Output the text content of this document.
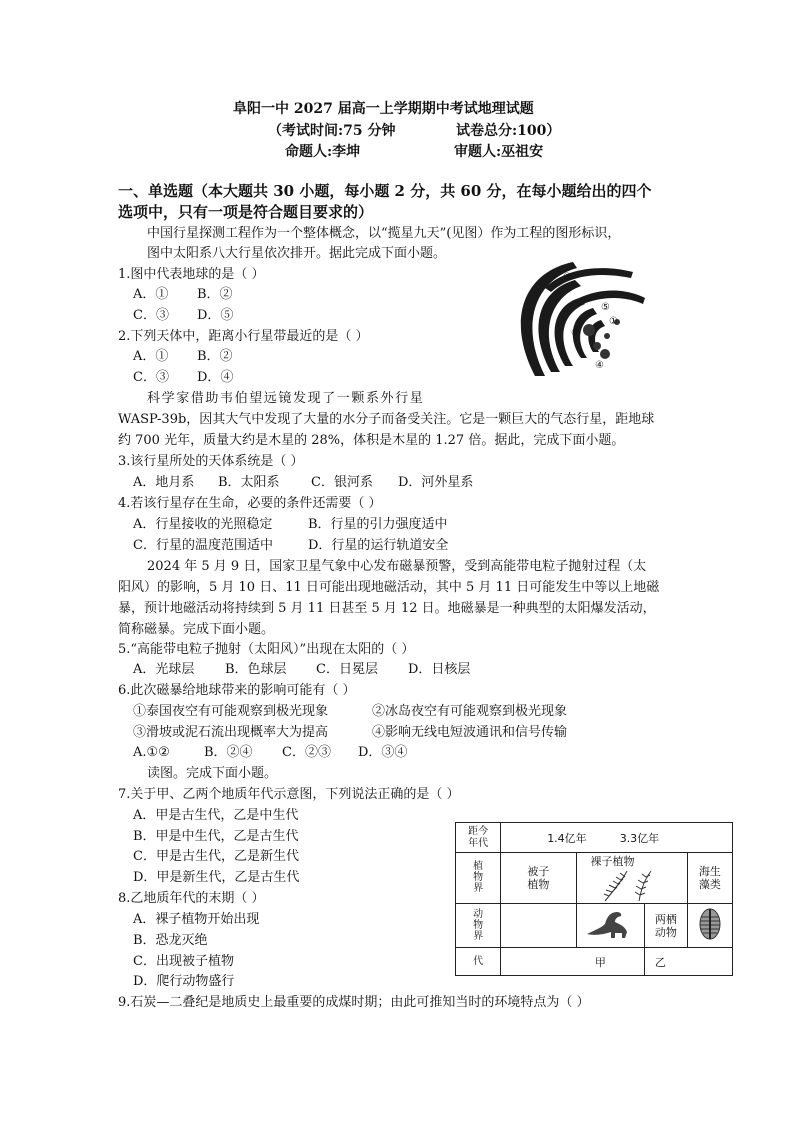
阜阳一中 2027 届高一上学期期中考试地理试题
（考试时间:75 分钟	试卷总分:100）
命题人:李坤	审题人:巫祖安
一、单选题（本大题共 30 小题，每小题 2 分，共 60 分，在每小题给出的四个
选项中，只有一项是符合题目要求的）
中国行星探测工程作为一个整体概念，以“揽星九天”(见图）作为工程的图形标识，
图中太阳系八大行星依次排开。据此完成下面小题。
1.图中代表地球的是（ ）
A．① B．②
C．③ D．⑤
2.下列天体中，距离小行星带最近的是（ ）
A．① B．②
C．③ D．④
③
⑤
②
①
④
科学家借助韦伯望远镜发现了一颗系外行星
WASP-39b，因其大气中发现了大量的水分子而备受关注。它是一颗巨大的气态行星，距地球
约 700 光年，质量大约是木星的 28%，体积是木星的 1.27 倍。据此，完成下面小题。
3.该行星所处的天体系统是（ ）
A．地月系 B．太阳系 C．银河系 D．河外星系
4.若该行星存在生命，必要的条件还需要（ ）
A．行星接收的光照稳定	B．行星的引力强度适中
C．行星的温度范围适中	D．行星的运行轨道安全
2024 年 5 月 9 日，国家卫星气象中心发布磁暴预警，受到高能带电粒子抛射过程（太
阳风）的影响，5 月 10 日、11 日可能出现地磁活动，其中 5 月 11 日可能发生中等以上地磁
暴，预计地磁活动将持续到 5 月 11 日甚至 5 月 12 日。地磁暴是一种典型的太阳爆发活动，
简称磁暴。完成下面小题。
5.“高能带电粒子抛射（太阳风）”出现在太阳的（ ）
A．光球层 B．色球层 C．日冕层 D．日核层
6.此次磁暴给地球带来的影响可能有（ ）
①泰国夜空有可能观察到极光现象	②冰岛夜空有可能观察到极光现象
③滑坡或泥石流出现概率大为提高	④影响无线电短波通讯和信号传输
A.①②	B．②④ C．②③ D．③④
读图。完成下面小题。
7.关于甲、乙两个地质年代示意图，下列说法正确的是（ ）
A．甲是古生代，乙是中生代
B．甲是中生代，乙是古生代
C．甲是古生代，乙是新生代
D．甲是新生代，乙是古生代
8.乙地质年代的末期（ ）
A．裸子植物开始出现
B．恐龙灭绝
C．出现被子植物
D．爬行动物盛行
9.石炭—二叠纪是地质史上最重要的成煤时期；由此可推知当时的环境特点为（ ）
距今年代	1.4亿年 3.3亿年			
植物界	被子植物	裸子植物		海生藻类
动物界			两栖动物	
代	甲		乙	
